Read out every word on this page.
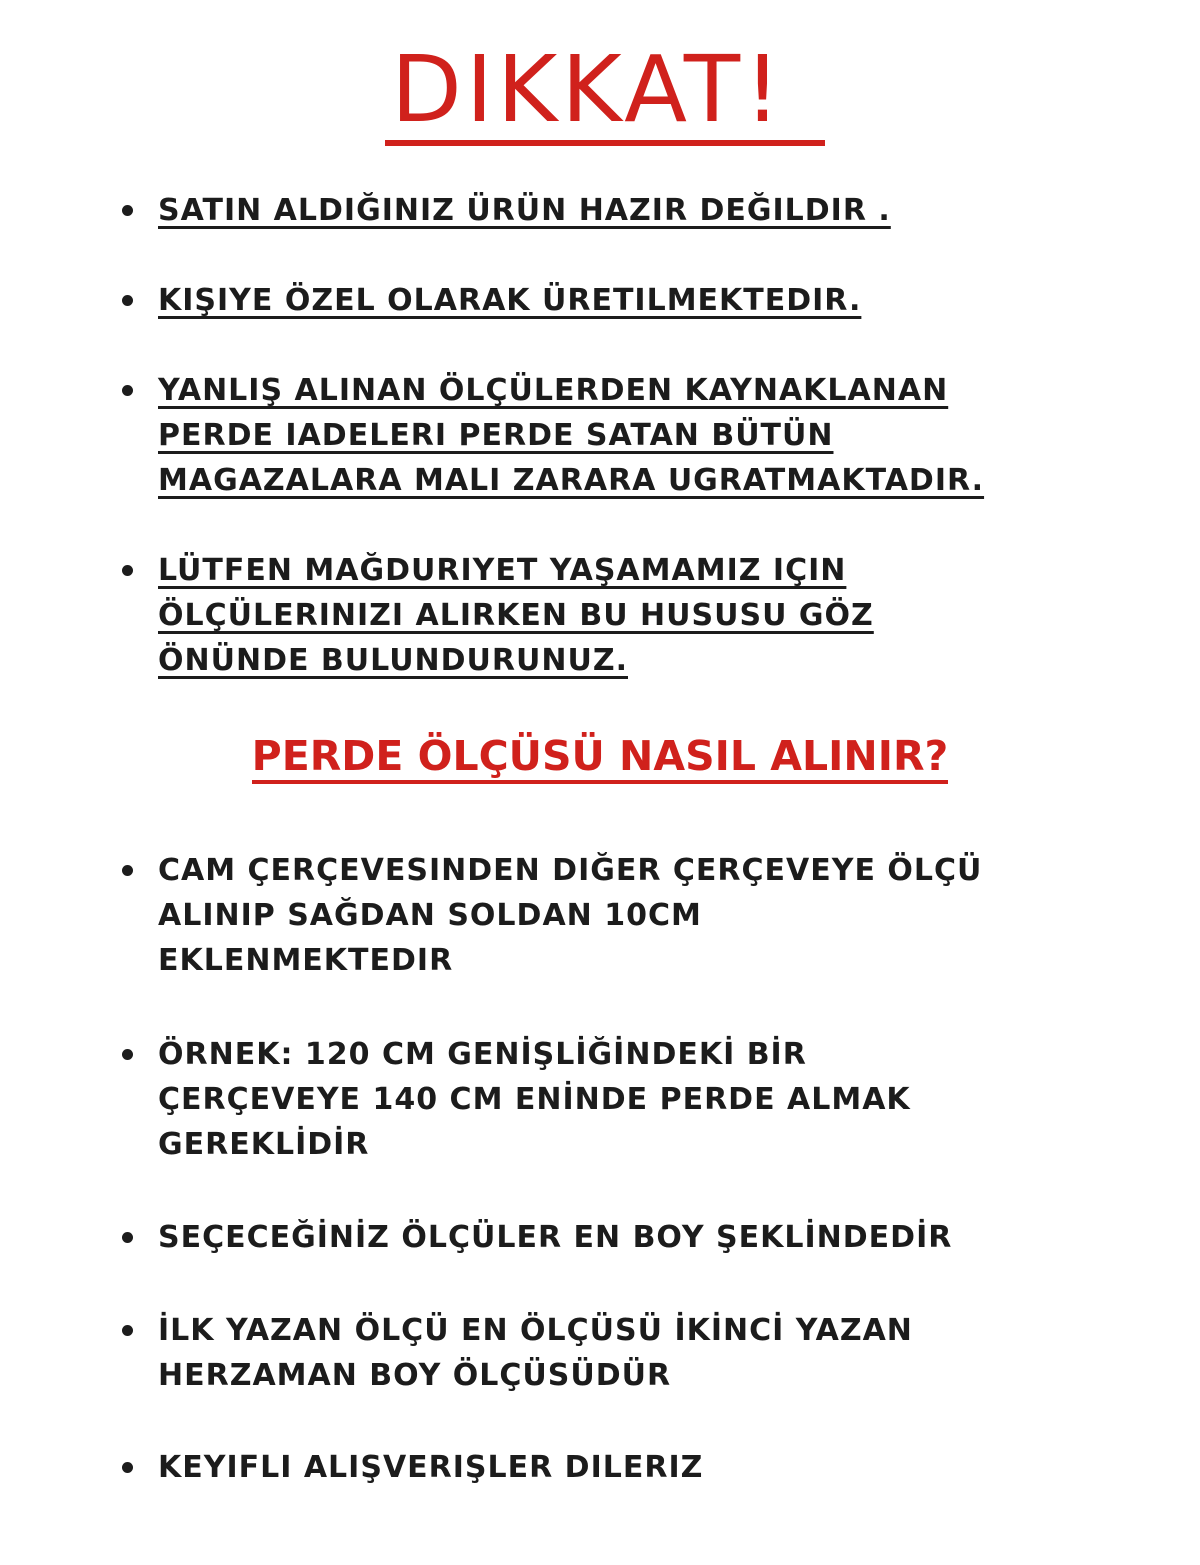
DIKKAT!
SATIN ALDIĞINIZ ÜRÜN HAZIR DEĞILDIR .
KIŞIYE ÖZEL OLARAK ÜRETILMEKTEDIR.
YANLIŞ ALINAN ÖLÇÜLERDEN KAYNAKLANAN
PERDE IADELERI PERDE SATAN BÜTÜN
MAGAZALARA MALI ZARARA UGRATMAKTADIR.
LÜTFEN MAĞDURIYET YAŞAMAMIZ IÇIN
ÖLÇÜLERINIZI ALIRKEN BU HUSUSU GÖZ
ÖNÜNDE BULUNDURUNUZ.
PERDE ÖLÇÜSÜ NASIL ALINIR?
CAM ÇERÇEVESINDEN DIĞER ÇERÇEVEYE ÖLÇÜ
ALINIP SAĞDAN SOLDAN 10CM
EKLENMEKTEDIR
ÖRNEK: 120 CM GENİŞLİĞİNDEKİ BİR
ÇERÇEVEYE 140 CM ENİNDE PERDE ALMAK
GEREKLİDİR
SEÇECEĞİNİZ ÖLÇÜLER EN BOY ŞEKLİNDEDİR
İLK YAZAN ÖLÇÜ EN ÖLÇÜSÜ İKİNCİ YAZAN
HERZAMAN BOY ÖLÇÜSÜDÜR
KEYIFLI ALIŞVERIŞLER DILERIZ
